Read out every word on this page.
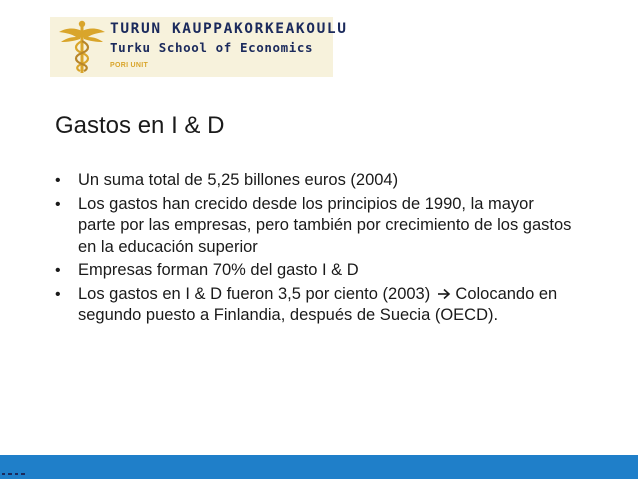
TURUN KAUPPAKORKEAKOULU
Turku School of Economics
PORI UNIT
Gastos en I & D
• Un suma total de 5,25 billones euros (2004)
• Los gastos han crecido desde los principios de 1990, la mayor parte por las empresas, pero también por crecimiento de los gastos en la educación superior
• Empresas forman 70% del gasto I & D
• Los gastos en I & D fueron 3,5 por ciento (2003)  Colocando en segundo puesto a Finlandia, después de Suecia (OECD).
